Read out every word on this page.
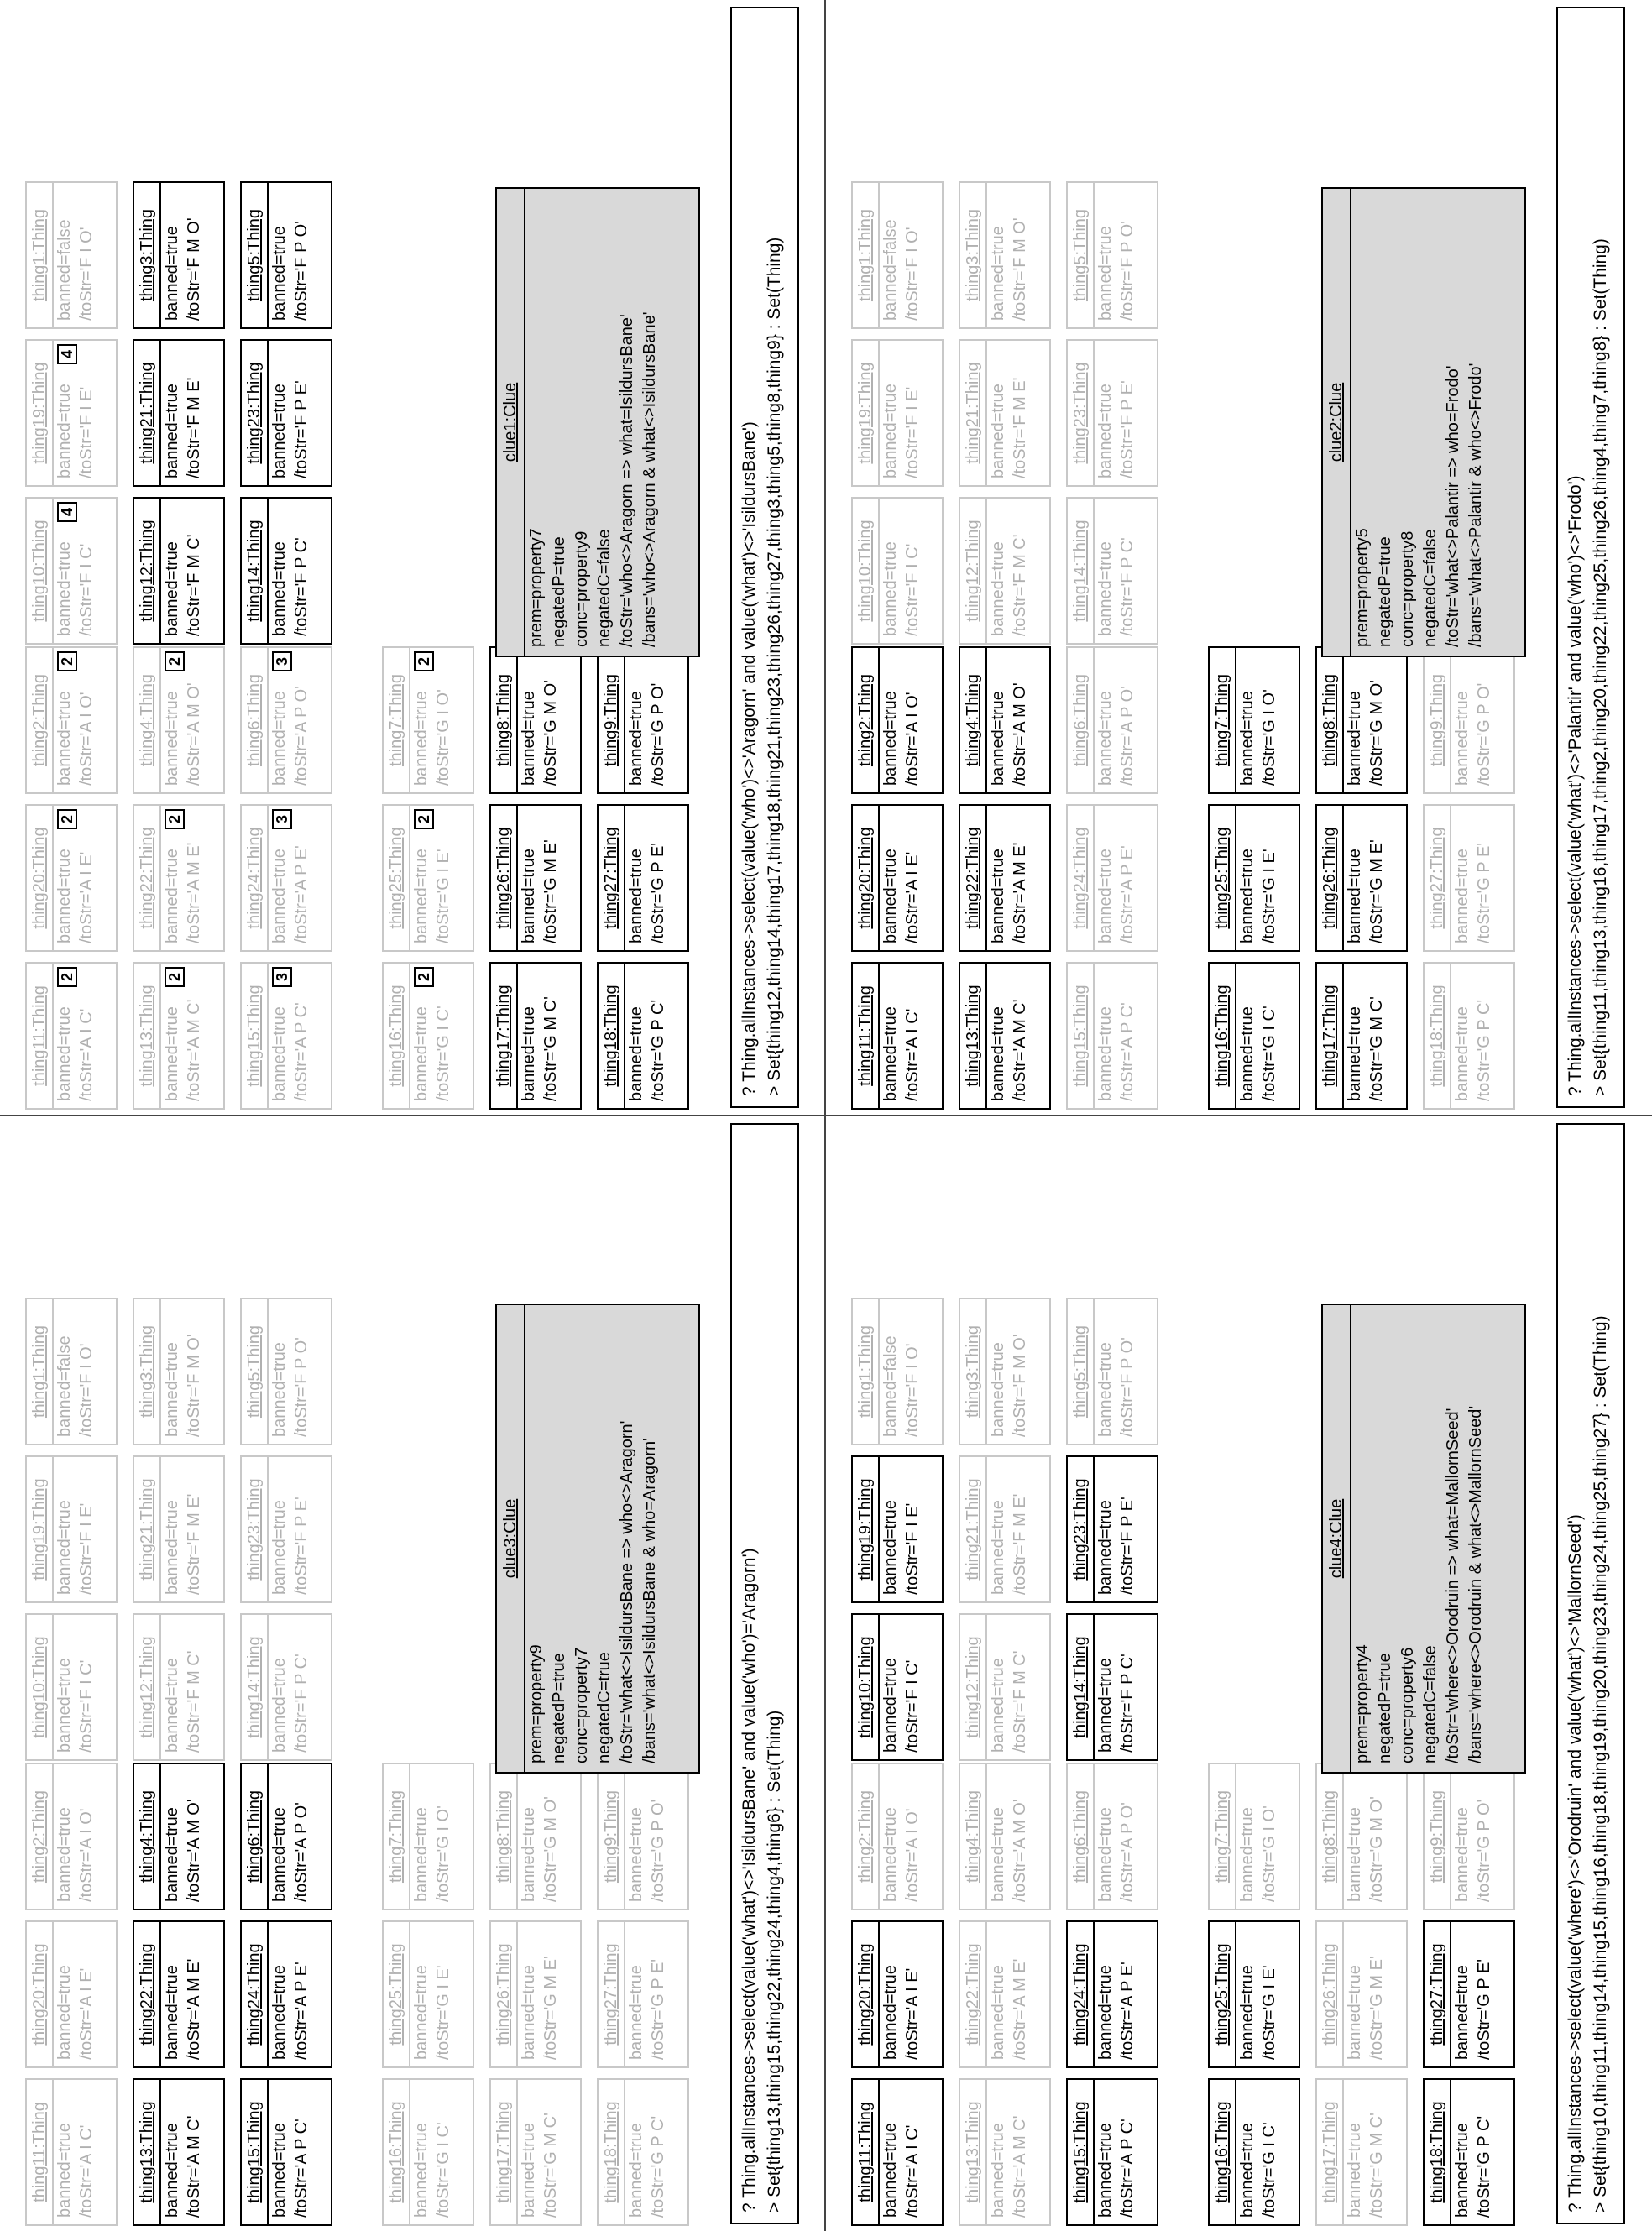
thing11:Thing banned=true /toStr='A I C'
2
thing20:Thing banned=true /toStr='A I E'
2
thing2:Thing banned=true /toStr='A I O'
2
thing13:Thing banned=true /toStr='A M C'
2
thing22:Thing banned=true /toStr='A M E'
2
thing4:Thing banned=true /toStr='A M O'
2
thing15:Thing banned=true /toStr='A P C'
3
thing24:Thing banned=true /toStr='A P E'
3
thing6:Thing banned=true /toStr='A P O'
3
thing16:Thing banned=true /toStr='G I C'
2
thing25:Thing banned=true /toStr='G I E'
2
thing7:Thing banned=true /toStr='G I O'
2
thing17:Thing banned=true /toStr='G M C'
thing26:Thing banned=true /toStr='G M E'
thing8:Thing banned=true /toStr='G M O'
thing18:Thing banned=true /toStr='G P C'
thing27:Thing banned=true /toStr='G P E'
thing9:Thing banned=true /toStr='G P O'
thing10:Thing banned=true /toStr='F I C'
4
thing19:Thing banned=true /toStr='F I E'
4
thing1:Thing banned=false /toStr='F I O'
thing12:Thing banned=true /toStr='F M C'
thing21:Thing banned=true /toStr='F M E'
thing3:Thing banned=true /toStr='F M O'
thing14:Thing banned=true /toStr='F P C'
thing23:Thing banned=true /toStr='F P E'
thing5:Thing banned=true /toStr='F P O'
clue1:Clue
prem=property7 negatedP=true conc=property9 negatedC=false /toStr='who<>Aragorn => what=IsildursBane' /bans='who<>Aragorn & what<>IsildursBane'	? Thing.allInstances->select(value('who')<>'Aragorn' and value('what')<>'IsildursBane') > Set{thing12,thing14,thing17,thing18,thing21,thing23,thing26,thing27,thing3,thing5,thing8,thing9} : Set(Thing)	thing11:Thing banned=true /toStr='A I C'
thing20:Thing banned=true /toStr='A I E'
thing2:Thing banned=true /toStr='A I O'
thing13:Thing banned=true /toStr='A M C'
thing22:Thing banned=true /toStr='A M E'
thing4:Thing banned=true /toStr='A M O'
thing15:Thing banned=true /toStr='A P C'
thing24:Thing banned=true /toStr='A P E'
thing6:Thing banned=true /toStr='A P O'
thing16:Thing banned=true /toStr='G I C'
thing25:Thing banned=true /toStr='G I E'
thing7:Thing banned=true /toStr='G I O'
thing17:Thing banned=true /toStr='G M C'
thing26:Thing banned=true /toStr='G M E'
thing8:Thing banned=true /toStr='G M O'
thing18:Thing banned=true /toStr='G P C'
thing27:Thing banned=true /toStr='G P E'
thing9:Thing banned=true /toStr='G P O'
thing10:Thing banned=true /toStr='F I C'
thing19:Thing banned=true /toStr='F I E'
thing1:Thing banned=false /toStr='F I O'
thing12:Thing banned=true /toStr='F M C'
thing21:Thing banned=true /toStr='F M E'
thing3:Thing banned=true /toStr='F M O'
thing14:Thing banned=true /toStr='F P C'
thing23:Thing banned=true /toStr='F P E'
thing5:Thing banned=true /toStr='F P O'
clue2:Clue
prem=property5 negatedP=true conc=property8 negatedC=false /toStr='what<>Palantir => who=Frodo' /bans='what<>Palantir & who<>Frodo'	? Thing.allInstances->select(value('what')<>'Palantir' and value('who')<>'Frodo') > Set{thing11,thing13,thing16,thing17,thing2,thing20,thing22,thing25,thing26,thing4,thing7,thing8} : Set(Thing)
thing11:Thing banned=true /toStr='A I C'
thing20:Thing banned=true /toStr='A I E'
thing2:Thing banned=true /toStr='A I O'
thing13:Thing banned=true /toStr='A M C'
thing22:Thing banned=true /toStr='A M E'
thing4:Thing banned=true /toStr='A M O'
thing15:Thing banned=true /toStr='A P C'
thing24:Thing banned=true /toStr='A P E'
thing6:Thing banned=true /toStr='A P O'
thing16:Thing banned=true /toStr='G I C'
thing25:Thing banned=true /toStr='G I E'
thing7:Thing banned=true /toStr='G I O'
thing17:Thing banned=true /toStr='G M C'
thing26:Thing banned=true /toStr='G M E'
thing8:Thing banned=true /toStr='G M O'
thing18:Thing banned=true /toStr='G P C'
thing27:Thing banned=true /toStr='G P E'
thing9:Thing banned=true /toStr='G P O'
thing10:Thing banned=true /toStr='F I C'
thing19:Thing banned=true /toStr='F I E'
thing1:Thing banned=false /toStr='F I O'
thing12:Thing banned=true /toStr='F M C'
thing21:Thing banned=true /toStr='F M E'
thing3:Thing banned=true /toStr='F M O'
thing14:Thing banned=true /toStr='F P C'
thing23:Thing banned=true /toStr='F P E'
thing5:Thing banned=true /toStr='F P O'
clue3:Clue
prem=property9 negatedP=true conc=property7 negatedC=true /toStr='what<>IsildursBane => who<>Aragorn' /bans='what<>IsildursBane & who=Aragorn'	? Thing.allInstances->select(value('what')<>'IsildursBane' and value('who')='Aragorn') > Set{thing13,thing15,thing22,thing24,thing4,thing6} : Set(Thing)	thing11:Thing banned=true /toStr='A I C'
thing20:Thing banned=true /toStr='A I E'
thing2:Thing banned=true /toStr='A I O'
thing13:Thing banned=true /toStr='A M C'
thing22:Thing banned=true /toStr='A M E'
thing4:Thing banned=true /toStr='A M O'
thing15:Thing banned=true /toStr='A P C'
thing24:Thing banned=true /toStr='A P E'
thing6:Thing banned=true /toStr='A P O'
thing16:Thing banned=true /toStr='G I C'
thing25:Thing banned=true /toStr='G I E'
thing7:Thing banned=true /toStr='G I O'
thing17:Thing banned=true /toStr='G M C'
thing26:Thing banned=true /toStr='G M E'
thing8:Thing banned=true /toStr='G M O'
thing18:Thing banned=true /toStr='G P C'
thing27:Thing banned=true /toStr='G P E'
thing9:Thing banned=true /toStr='G P O'
thing10:Thing banned=true /toStr='F I C'
thing19:Thing banned=true /toStr='F I E'
thing1:Thing banned=false /toStr='F I O'
thing12:Thing banned=true /toStr='F M C'
thing21:Thing banned=true /toStr='F M E'
thing3:Thing banned=true /toStr='F M O'
thing14:Thing banned=true /toStr='F P C'
thing23:Thing banned=true /toStr='F P E'
thing5:Thing banned=true /toStr='F P O'
clue4:Clue
prem=property4 negatedP=true conc=property6 negatedC=false /toStr='where<>Orodruin => what=MallornSeed' /bans='where<>Orodruin & what<>MallornSeed'	? Thing.allInstances->select(value('where')<>'Orodruin' and value('what')<>'MallornSeed') > Set{thing10,thing11,thing14,thing15,thing16,thing18,thing19,thing20,thing23,thing24,thing25,thing27} : Set(Thing)
